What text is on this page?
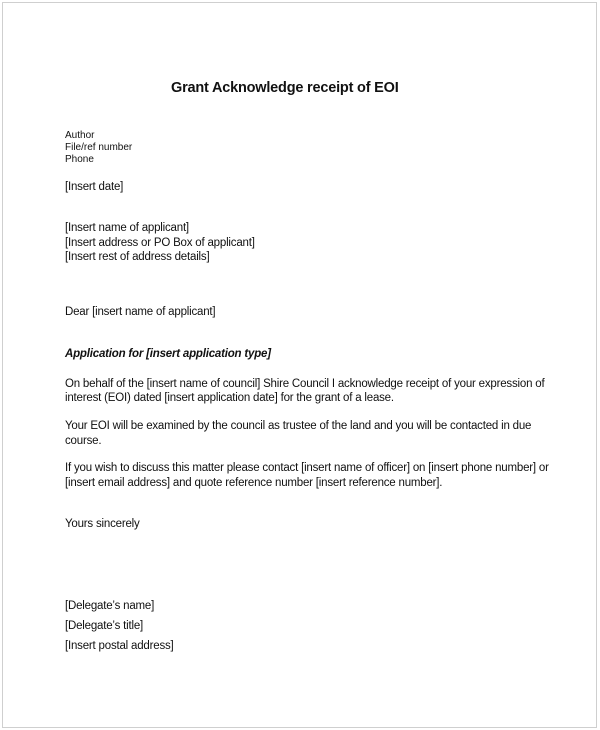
Grant Acknowledge receipt of EOI
Author
File/ref number
Phone
[Insert date]
[Insert name of applicant]
[Insert address or PO Box of applicant]
[Insert rest of address details]
Dear [insert name of applicant]
Application for [insert application type]
On behalf of the [insert name of council] Shire Council I acknowledge receipt of your expression of
interest (EOI) dated [insert application date] for the grant of a lease.
Your EOI will be examined by the council as trustee of the land and you will be contacted in due
course.
If you wish to discuss this matter please contact [insert name of officer] on [insert phone number] or
[insert email address] and quote reference number [insert reference number].
Yours sincerely
[Delegate’s name]
[Delegate’s title]
[Insert postal address]
